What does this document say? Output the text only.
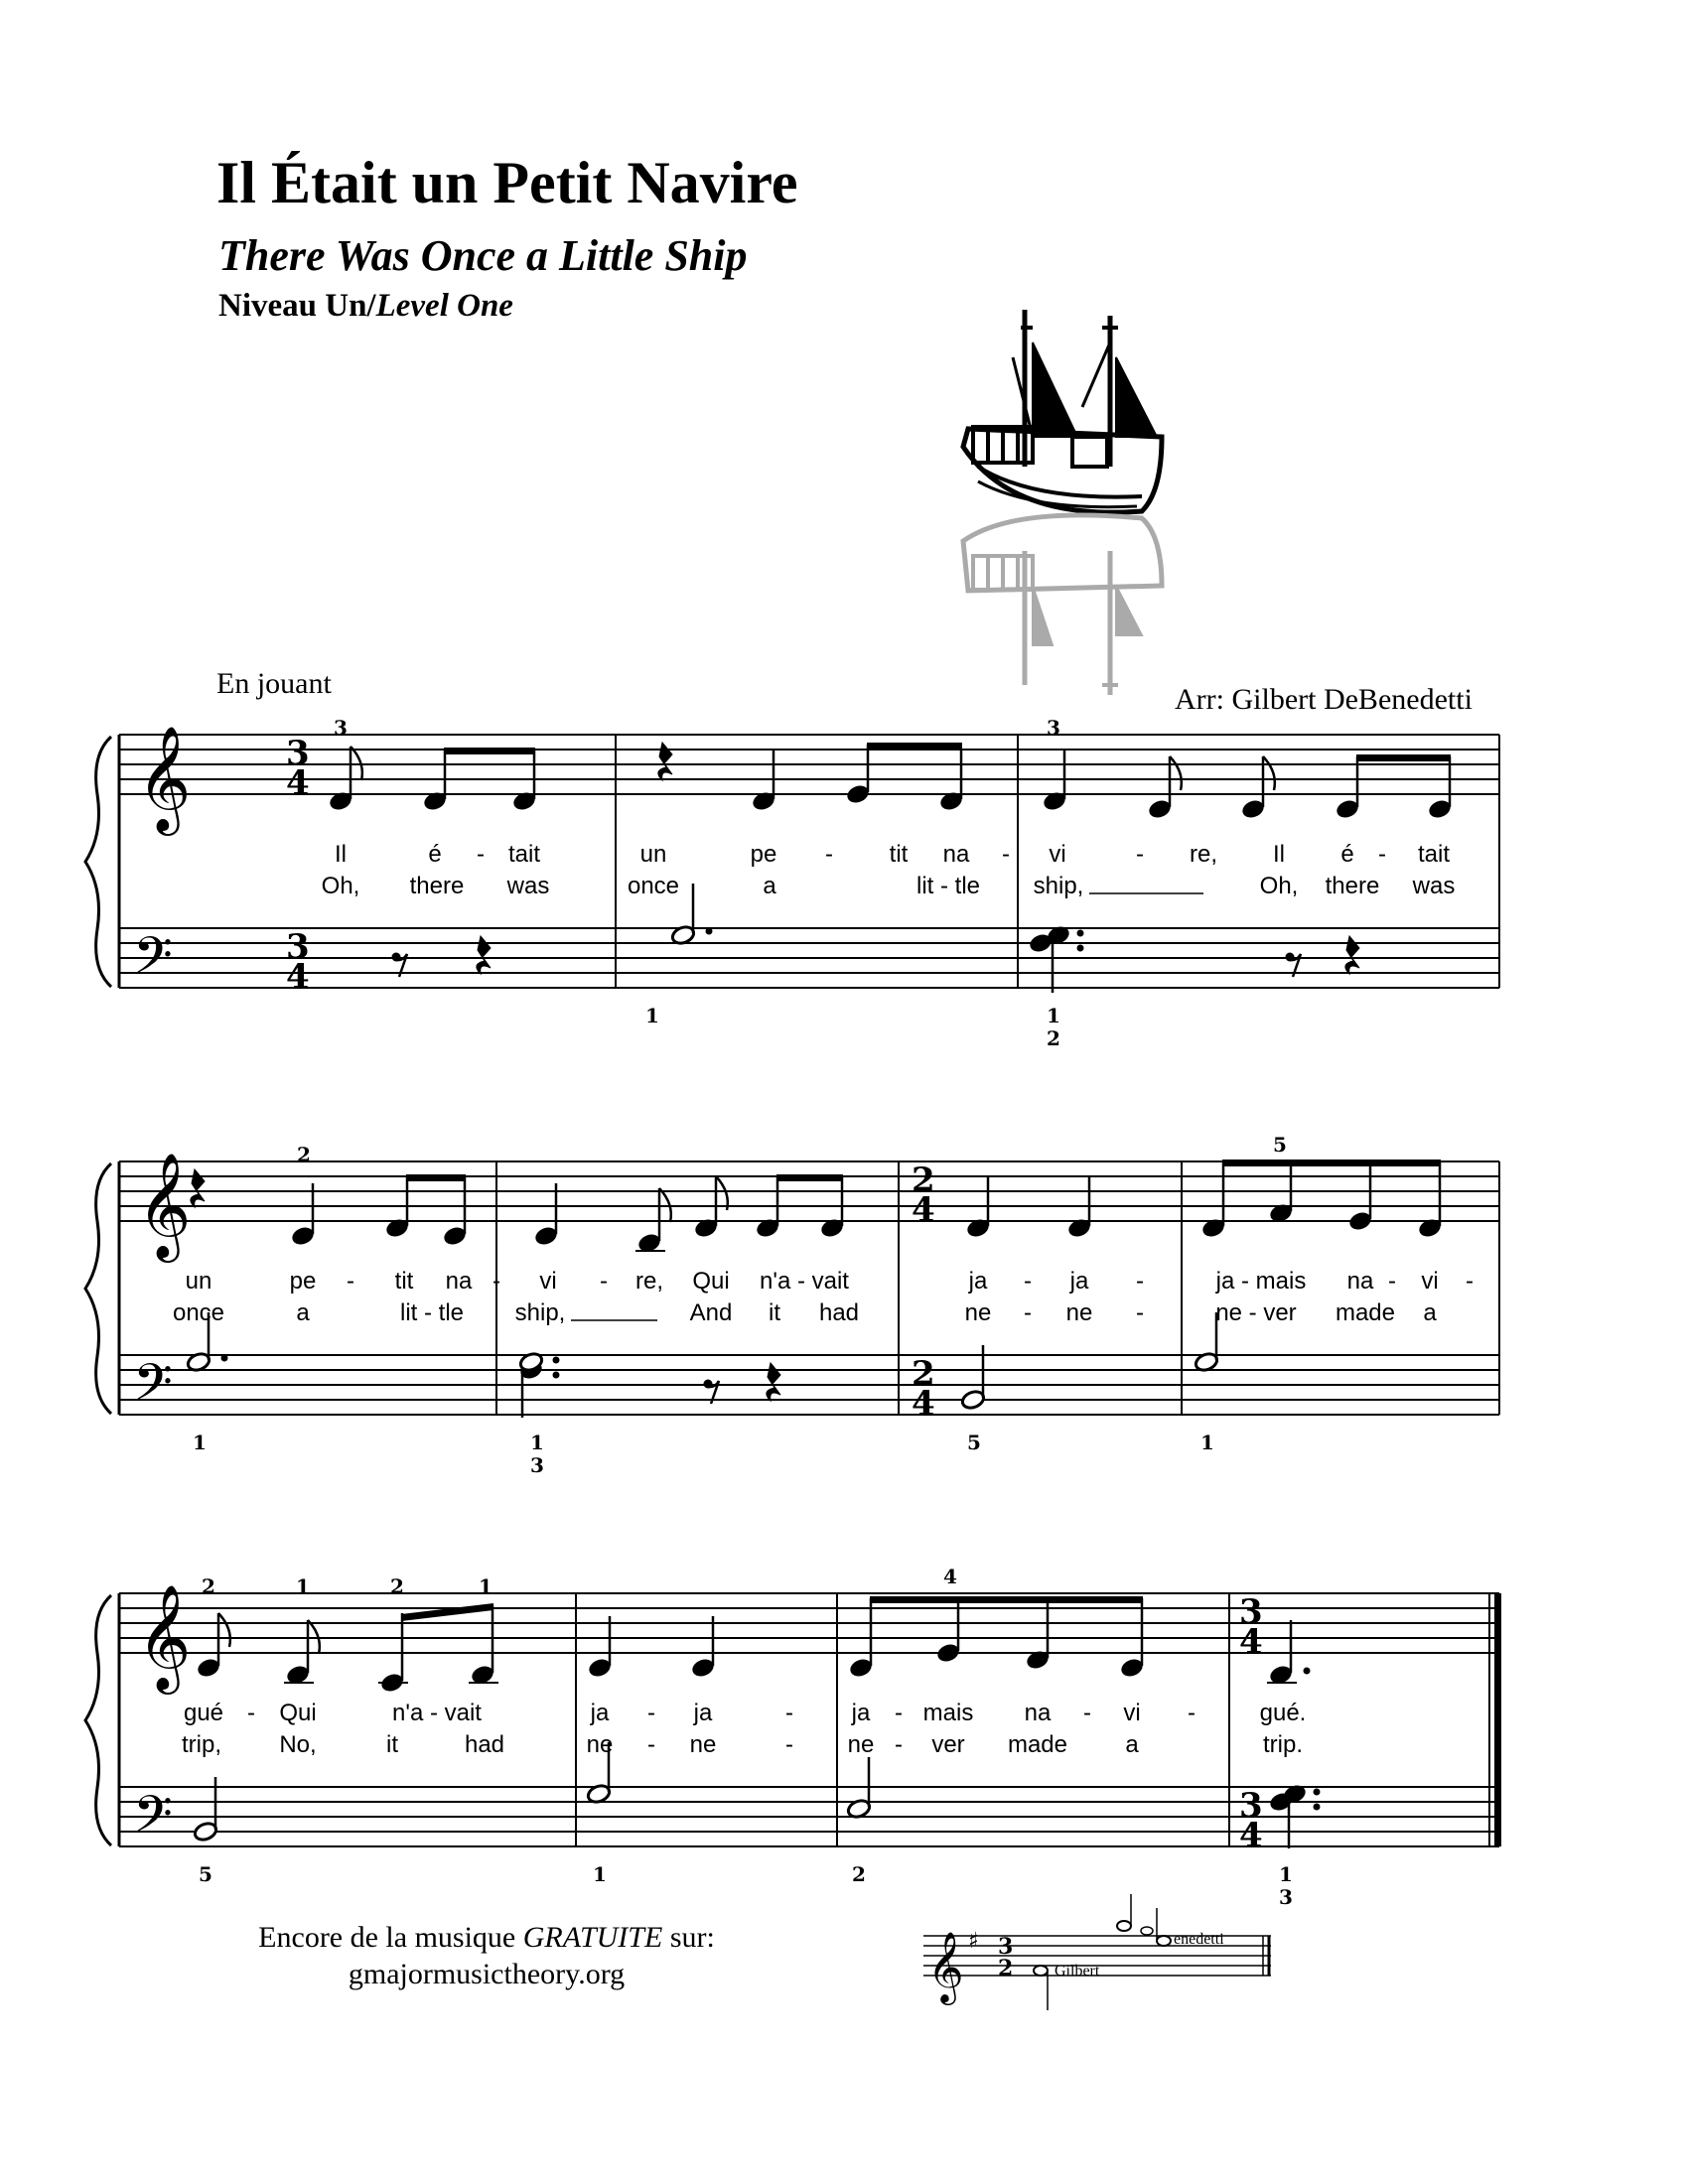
Il Était un Petit Navire
There Was Once a Little Ship
Niveau Un/Level One
En jouant	Arr: Gilbert DeBenedetti
𝄞
𝄢
3
4
3
4
3	3
1	1
2
Il	é - tait	un	pe - tit na - vi	- re, Il é - tait
Oh, there was	once	a	lit - tle ship,	Oh, there was
𝄞
𝄢
2
4
2
4
2	5
1	1
3
5	1
un	pe - tit na - vi - re, Qui n'a - vait	ja - ja -	ja - mais na - vi -
once	a	lit - tle ship,	And it had	ne - ne -	ne - ver made a
𝄞
𝄢
3
4
3
4
2	1	2	1	4
5	1	2	1
3
gué - Qui	n'a - vait	ja - ja	- ja - mais na - vi -	gué.
trip, No,	it	had	ne - ne	- ne - ver made a	trip.
𝄞 ♯ 3
2	Gilbert
enedetti
Encore de la musique GRATUITE sur:
gmajormusictheory.org
